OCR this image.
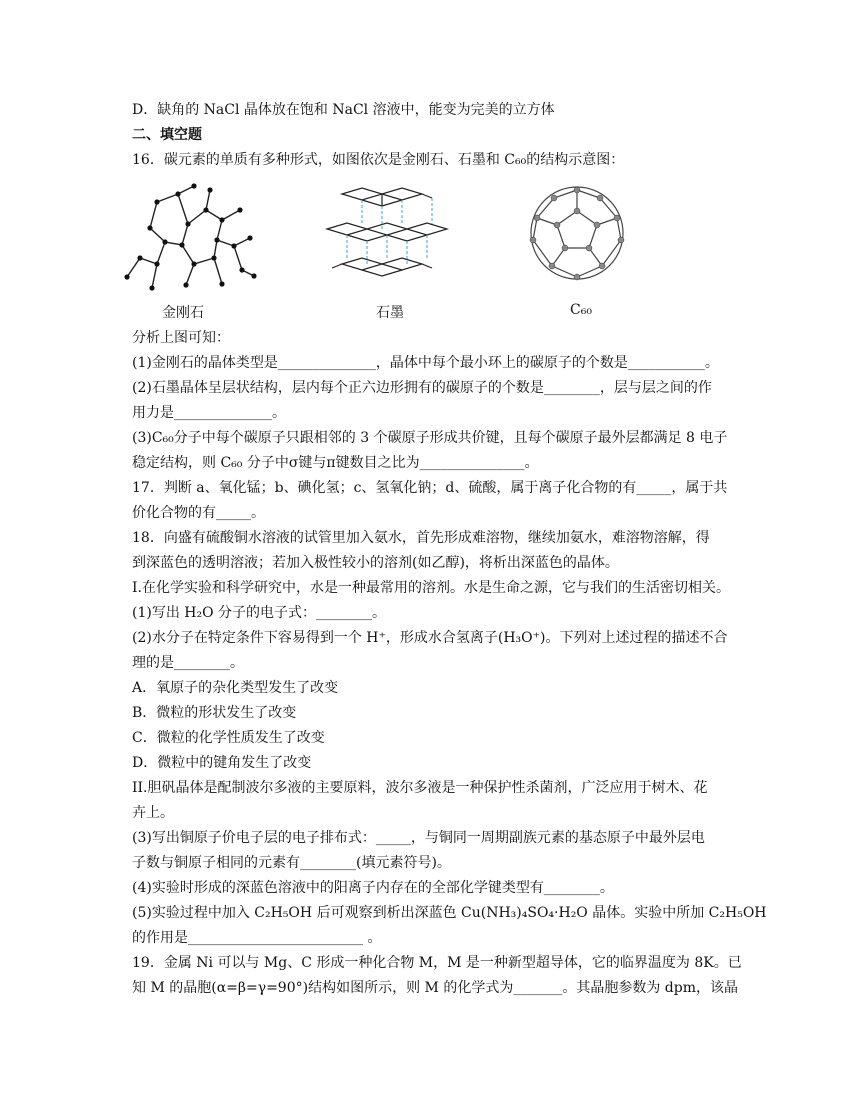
D．缺角的 NaCl 晶体放在饱和 NaCl 溶液中，能变为完美的立方体
二、填空题
16．碳元素的单质有多种形式，如图依次是金刚石、石墨和 C₆₀的结构示意图：
金刚石	石墨	C₆₀
分析上图可知：
(1)金刚石的晶体类型是______________，晶体中每个最小环上的碳原子的个数是___________。
(2)石墨晶体呈层状结构，层内每个正六边形拥有的碳原子的个数是________，层与层之间的作
用力是______________。
(3)C₆₀分子中每个碳原子只跟相邻的 3 个碳原子形成共价键，且每个碳原子最外层都满足 8 电子
稳定结构，则 C₆₀ 分子中σ键与π键数目之比为_______________。
17．判断 a、氧化锰；b、碘化氢；c、氢氧化钠；d、硫酸，属于离子化合物的有_____，属于共
价化合物的有_____。
18．向盛有硫酸铜水溶液的试管里加入氨水，首先形成难溶物，继续加氨水，难溶物溶解，得
到深蓝色的透明溶液；若加入极性较小的溶剂(如乙醇)，将析出深蓝色的晶体。
I.在化学实验和科学研究中，水是一种最常用的溶剂。水是生命之源，它与我们的生活密切相关。
(1)写出 H₂O 分子的电子式：________。
(2)水分子在特定条件下容易得到一个 H⁺，形成水合氢离子(H₃O⁺)。下列对上述过程的描述不合
理的是________。
A．氧原子的杂化类型发生了改变
B．微粒的形状发生了改变
C．微粒的化学性质发生了改变
D．微粒中的键角发生了改变
II.胆矾晶体是配制波尔多液的主要原料，波尔多液是一种保护性杀菌剂，广泛应用于树木、花
卉上。
(3)写出铜原子价电子层的电子排布式：_____，与铜同一周期副族元素的基态原子中最外层电
子数与铜原子相同的元素有________(填元素符号)。
(4)实验时形成的深蓝色溶液中的阳离子内存在的全部化学键类型有________。
(5)实验过程中加入 C₂H₅OH 后可观察到析出深蓝色 Cu(NH₃)₄SO₄·H₂O 晶体。实验中所加 C₂H₅OH
的作用是_________________________ 。
19．金属 Ni 可以与 Mg、C 形成一种化合物 M，M 是一种新型超导体，它的临界温度为 8K。已
知 M 的晶胞(α=β=γ=90°)结构如图所示，则 M 的化学式为_______。其晶胞参数为 dpm，该晶
